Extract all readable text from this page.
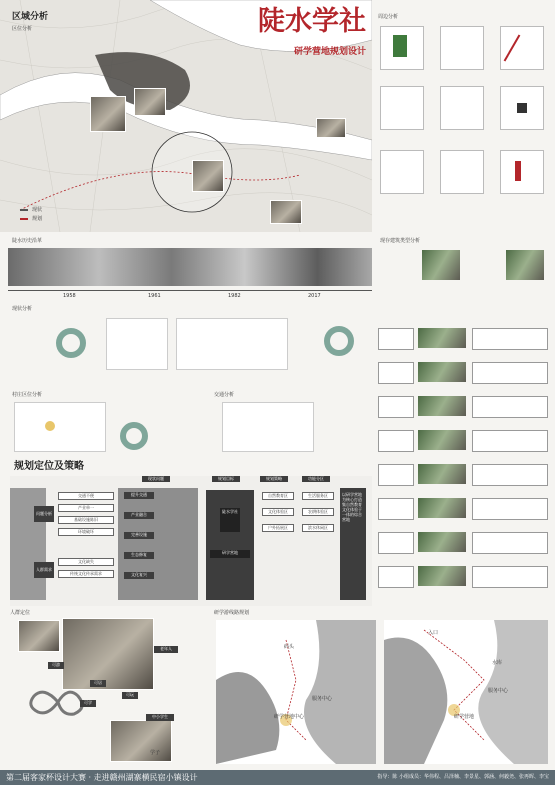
区域分析
区位分析
现状
规划
陡水学社
研学营地规划设计
周边分析
陡水历史沿革
1958	1961	1982	2017
现状分析
村庄区位分析	交通分析
现存建筑类型分析
规划定位及策略
现状问题	规划目标	规划策略	功能分区
问题分析
人群需求
交通不便
产业单一
基础设施陈旧
环境破坏
文化缺失
传统文化传承需求
提升交通
产业融合
完善设施
生态修复
文化复兴
陡水学社
研学营地
自然教育区
文化体验区
户外拓展区
生活服务区
农耕体验区
滨水休闲区
以研学营地为核心打造集自然教育文化体验于一体的综合营地
人群定位
老年人
可游
可居
可学
可玩
中小学生
学子
研学游线路规划
码头
研学营地中心
服务中心
入口
水库
服务中心
研学营地
第二届客家杯设计大赛 · 走进赣州湖寨横民宿小镇设计	指导：陈 小组成员：华伟程、吕泽楠、李景星、郭涵、何毅尧、张再晖、李宝
